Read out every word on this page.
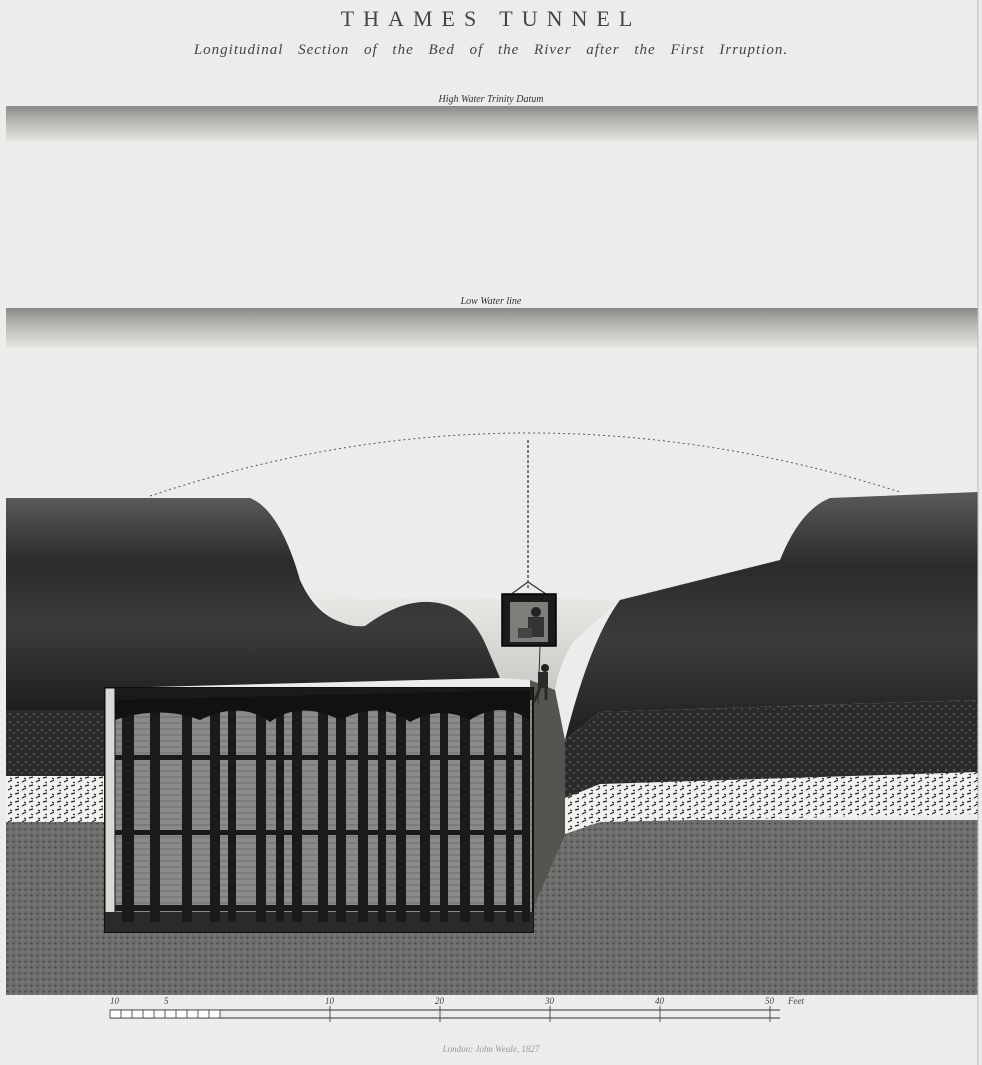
THAMES TUNNEL
Longitudinal Section of the Bed of the River after the First Irruption.
10	5	10	20	30	40	50 Feet
High Water Trinity Datum
Low Water line
London: John Weale, 1827
